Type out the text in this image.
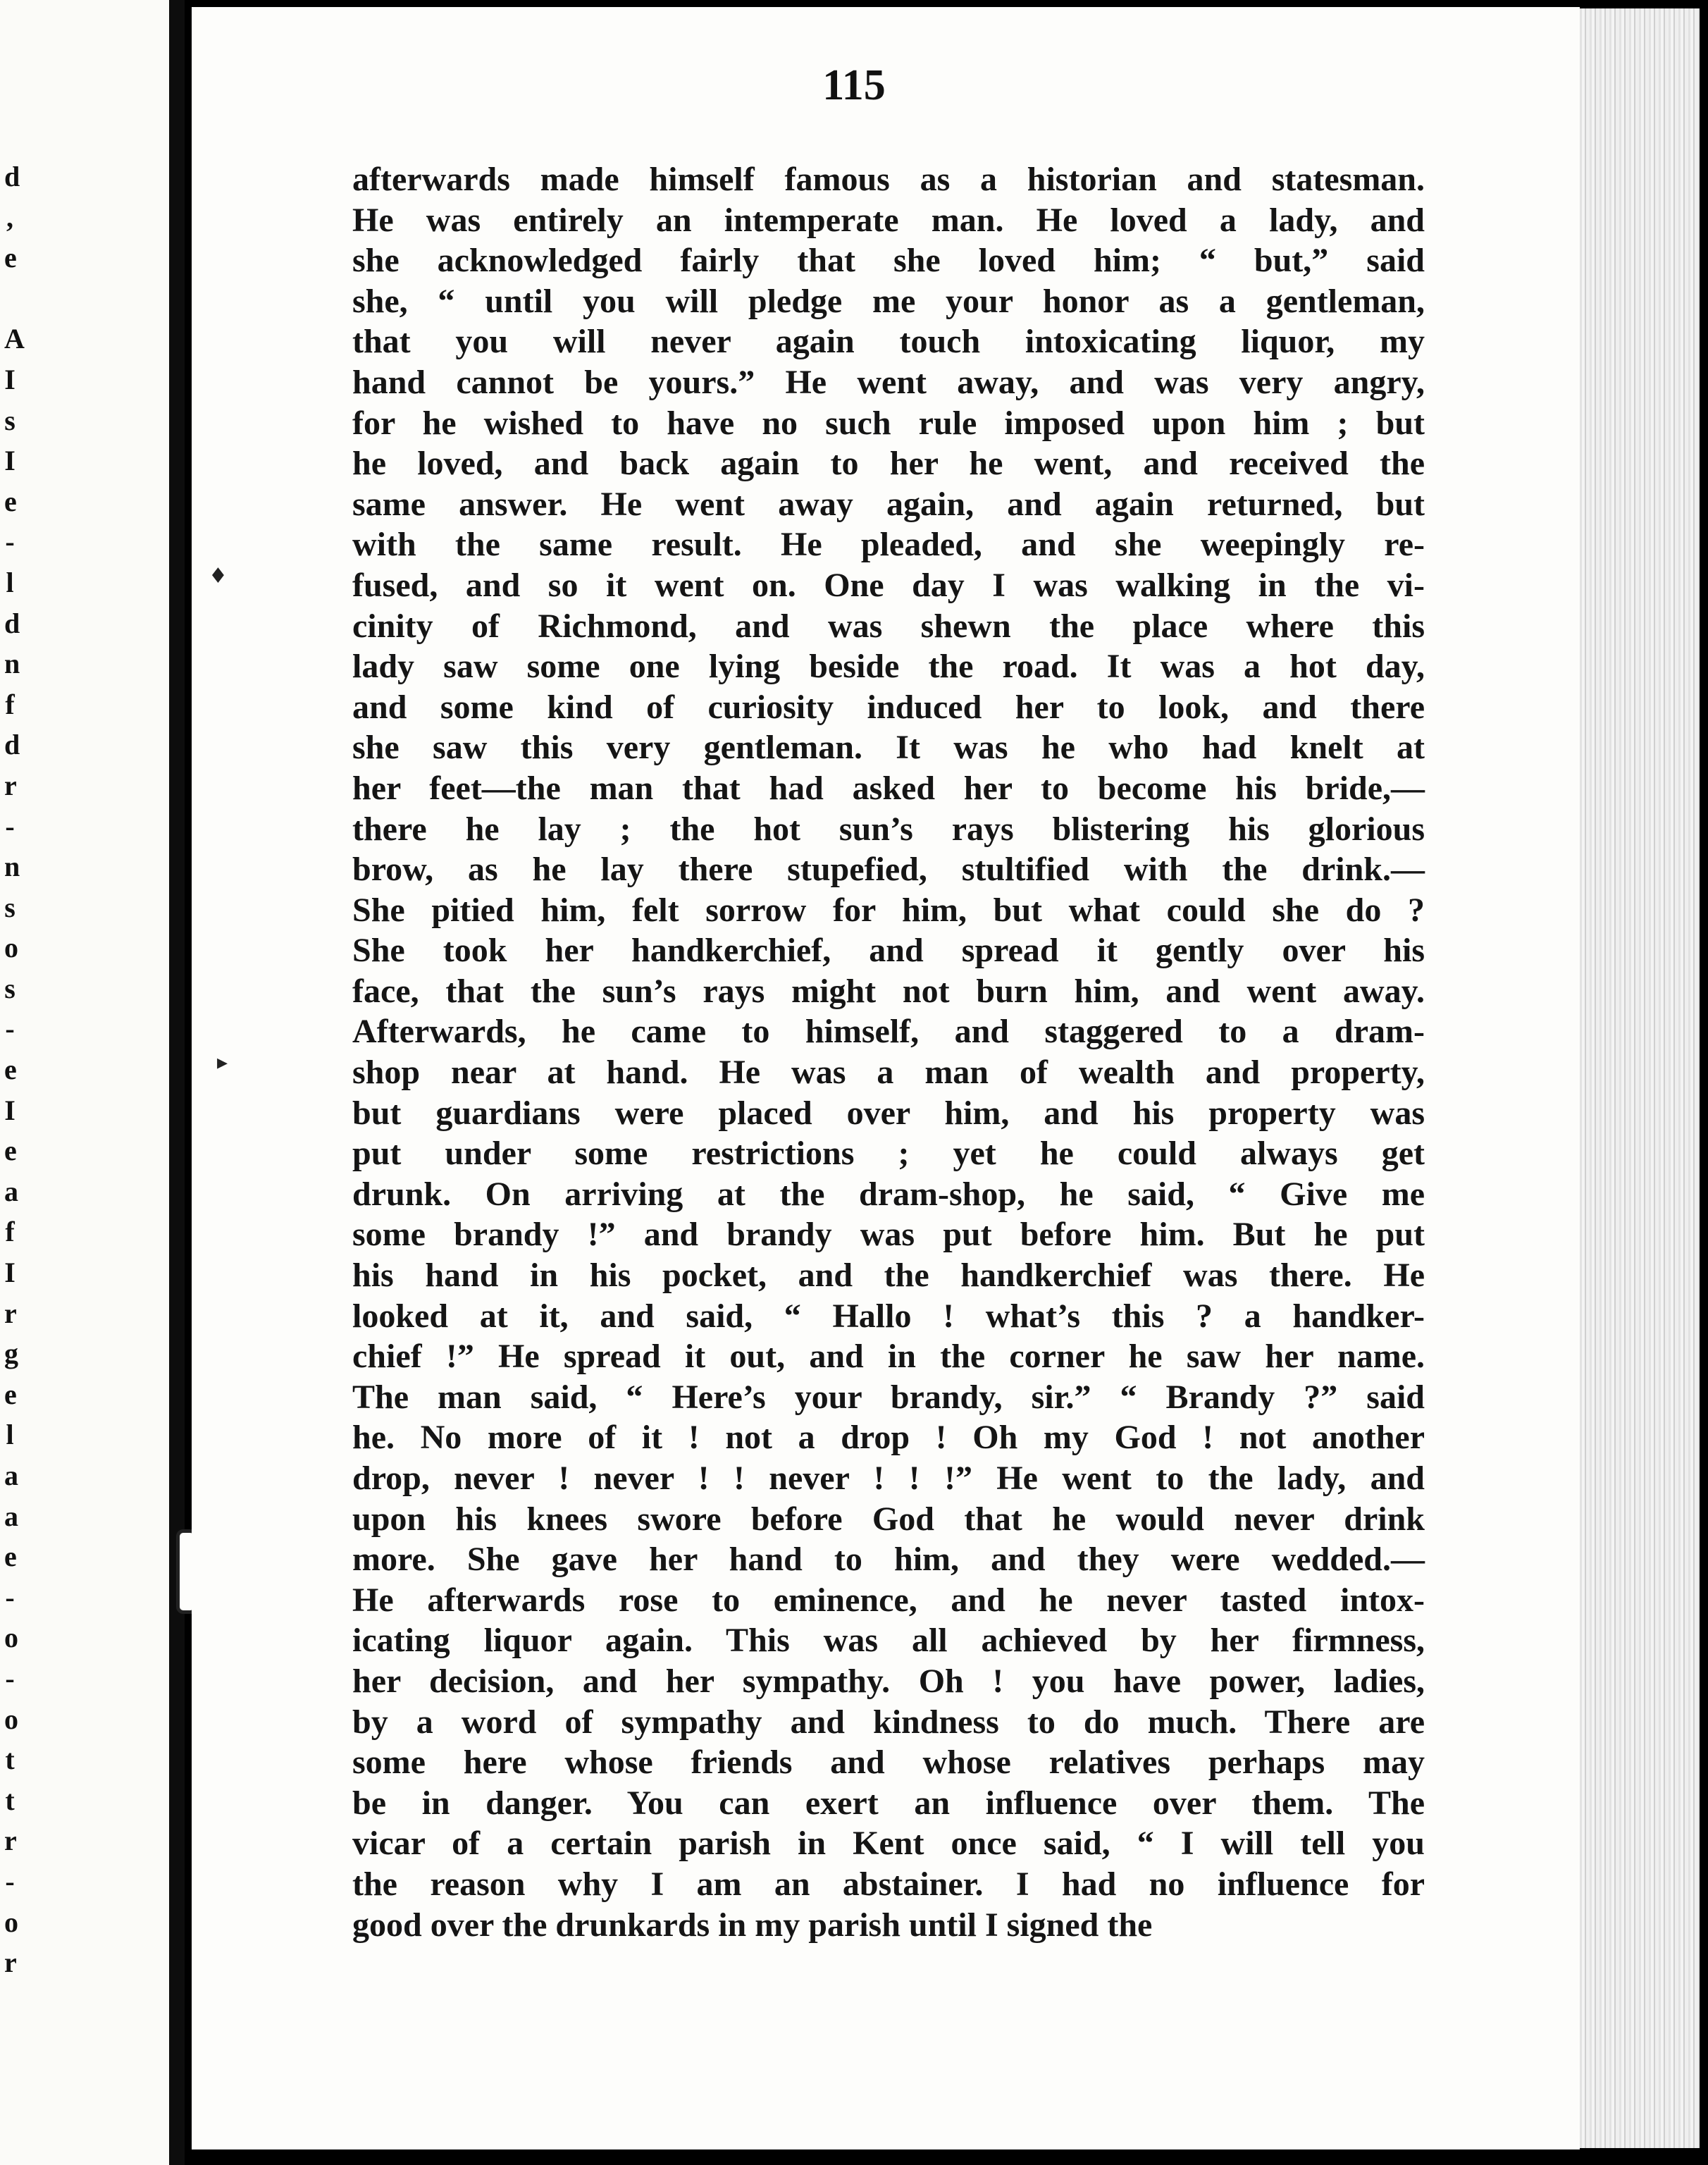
d
,
e
A
I
s
I
e
-
l
d
n
f
d
r
-
n
s
o
s
-
e
I
e
a
f
I
r
g
e
l
a
a
e
-
o
-
o
t
t
r
-
o
r
115
♦
▸
afterwards made himself famous as a historian and statesman.
He was entirely an intemperate man. He loved a lady, and
she acknowledged fairly that she loved him; “ but,” said
she, “ until you will pledge me your honor as a gentleman,
that you will never again touch intoxicating liquor, my
hand cannot be yours.” He went away, and was very angry,
for he wished to have no such rule imposed upon him ; but
he loved, and back again to her he went, and received the
same answer. He went away again, and again returned, but
with the same result. He pleaded, and she weepingly re-
fused, and so it went on. One day I was walking in the vi-
cinity of Richmond, and was shewn the place where this
lady saw some one lying beside the road. It was a hot day,
and some kind of curiosity induced her to look, and there
she saw this very gentleman. It was he who had knelt at
her feet—the man that had asked her to become his bride,—
there he lay ; the hot sun’s rays blistering his glorious
brow, as he lay there stupefied, stultified with the drink.—
She pitied him, felt sorrow for him, but what could she do ?
She took her handkerchief, and spread it gently over his
face, that the sun’s rays might not burn him, and went away.
Afterwards, he came to himself, and staggered to a dram-
shop near at hand. He was a man of wealth and property,
but guardians were placed over him, and his property was
put under some restrictions ; yet he could always get
drunk. On arriving at the dram-shop, he said, “ Give me
some brandy !” and brandy was put before him. But he put
his hand in his pocket, and the handkerchief was there. He
looked at it, and said, “ Hallo ! what’s this ? a handker-
chief !” He spread it out, and in the corner he saw her name.
The man said, “ Here’s your brandy, sir.” “ Brandy ?” said
he. No more of it ! not a drop ! Oh my God ! not another
drop, never ! never ! ! never ! ! !” He went to the lady, and
upon his knees swore before God that he would never drink
more. She gave her hand to him, and they were wedded.—
He afterwards rose to eminence, and he never tasted intox-
icating liquor again. This was all achieved by her firmness,
her decision, and her sympathy. Oh ! you have power, ladies,
by a word of sympathy and kindness to do much. There are
some here whose friends and whose relatives perhaps may
be in danger. You can exert an influence over them. The
vicar of a certain parish in Kent once said, “ I will tell you
the reason why I am an abstainer. I had no influence for
good over the drunkards in my parish until I signed the
